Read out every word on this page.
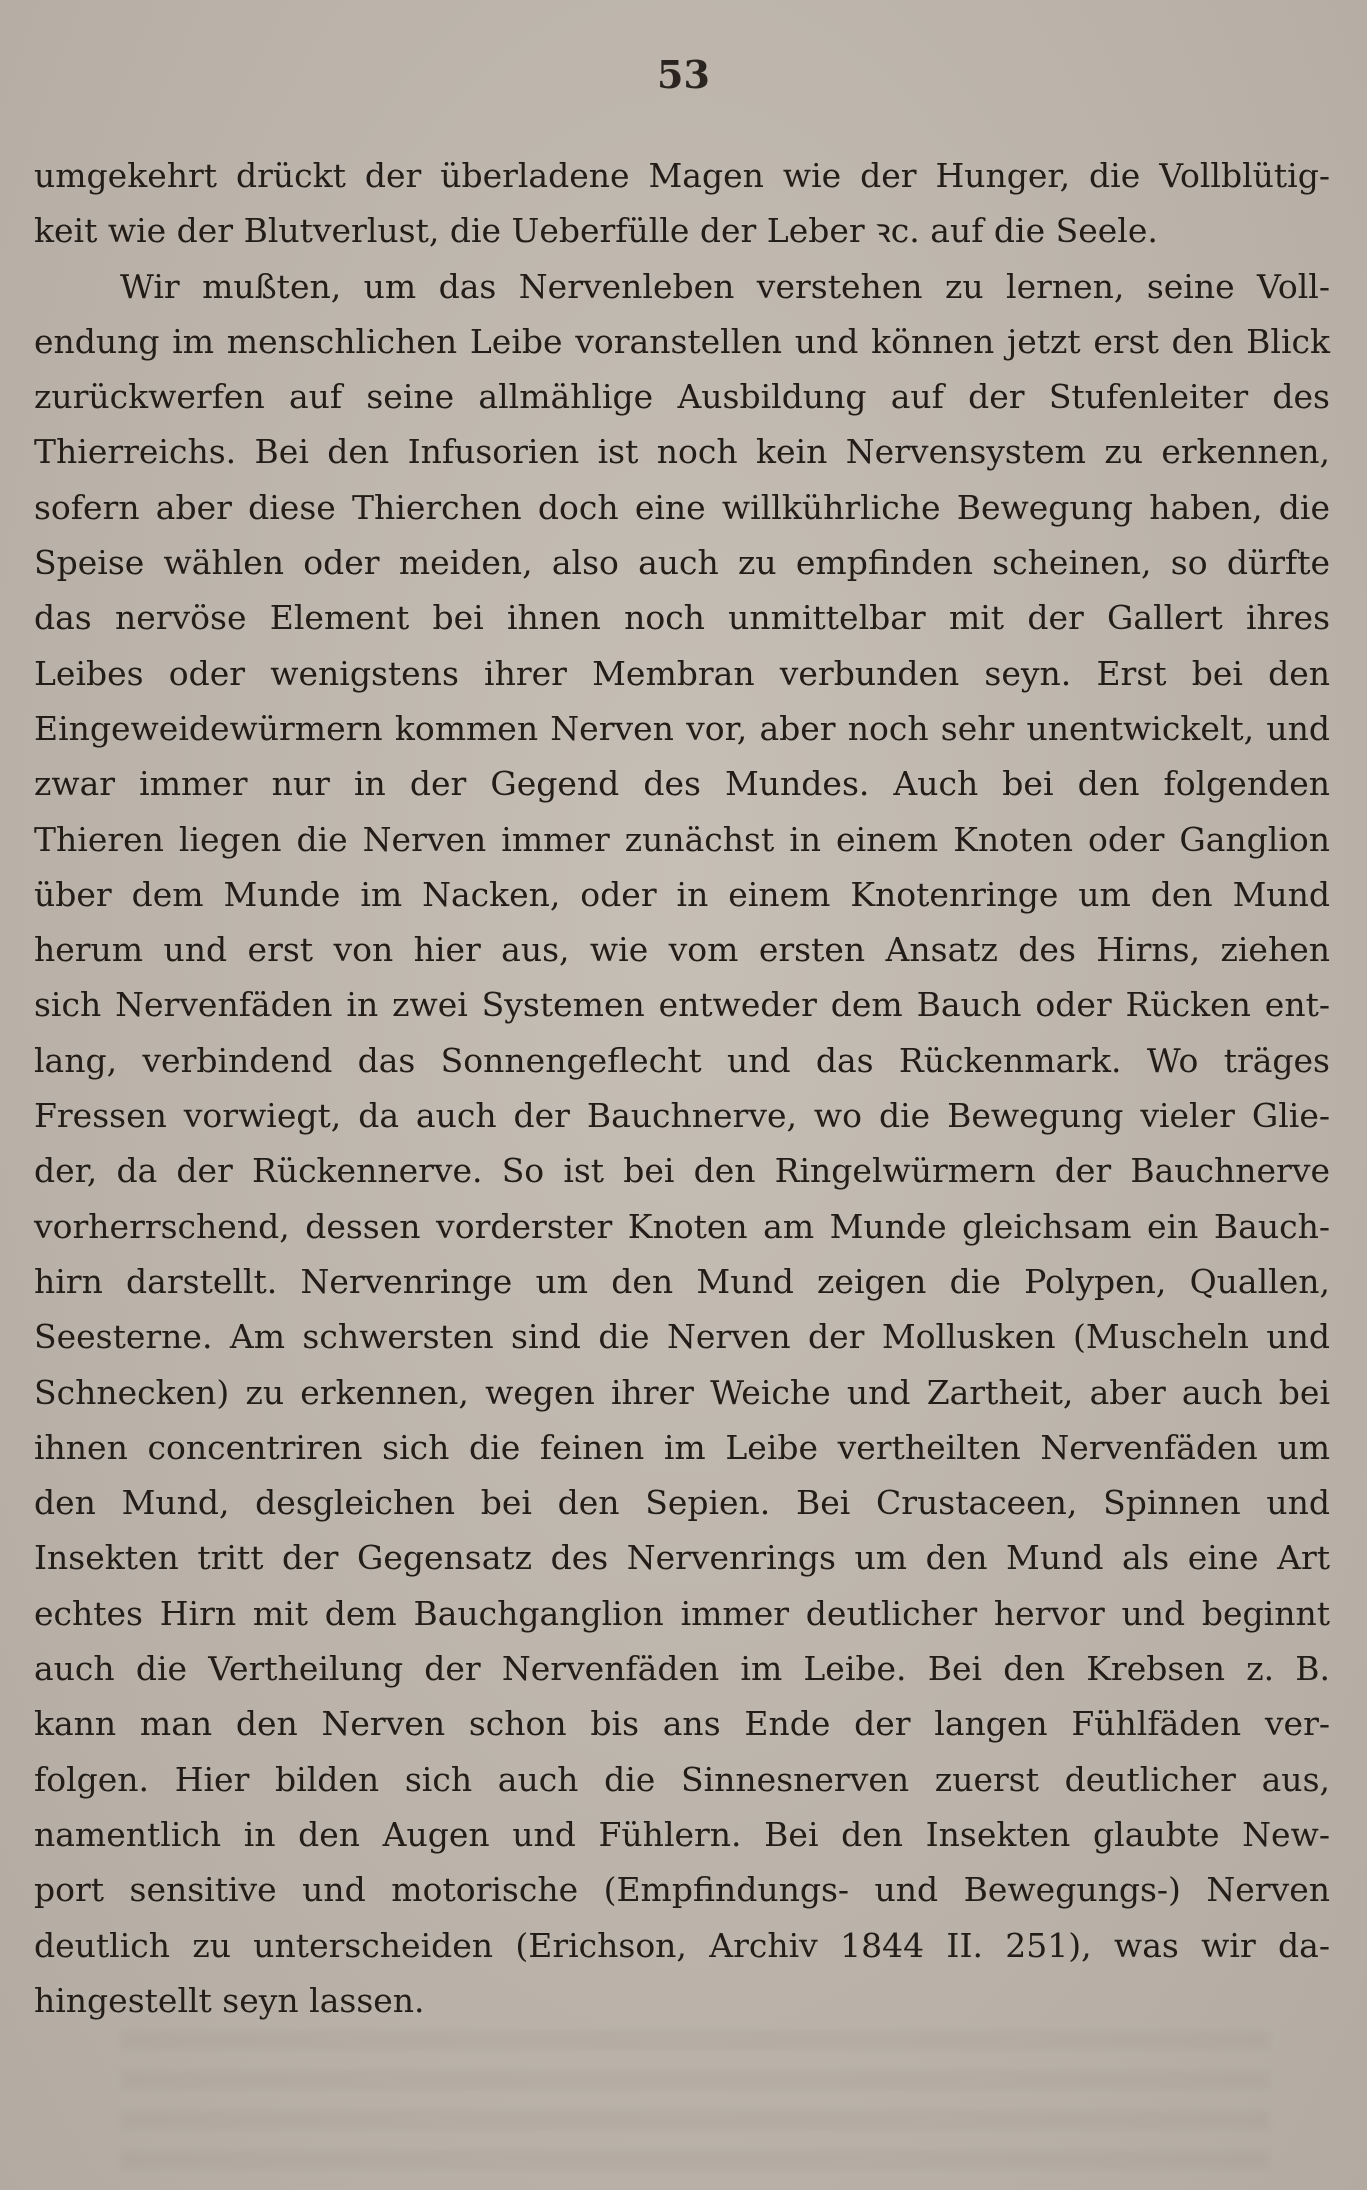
53
umgekehrt drückt der überladene Magen wie der Hunger, die Vollblütig-
keit wie der Blutverlust, die Ueberfülle der Leber ꝛc. auf die Seele.
Wir mußten, um das Nervenleben verstehen zu lernen, seine Voll-
endung im menschlichen Leibe voranstellen und können jetzt erst den Blick
zurückwerfen auf seine allmählige Ausbildung auf der Stufenleiter des
Thierreichs. Bei den Infusorien ist noch kein Nervensystem zu erkennen,
sofern aber diese Thierchen doch eine willkührliche Bewegung haben, die
Speise wählen oder meiden, also auch zu empfinden scheinen, so dürfte
das nervöse Element bei ihnen noch unmittelbar mit der Gallert ihres
Leibes oder wenigstens ihrer Membran verbunden seyn. Erst bei den
Eingeweidewürmern kommen Nerven vor, aber noch sehr unentwickelt, und
zwar immer nur in der Gegend des Mundes. Auch bei den folgenden
Thieren liegen die Nerven immer zunächst in einem Knoten oder Ganglion
über dem Munde im Nacken, oder in einem Knotenringe um den Mund
herum und erst von hier aus, wie vom ersten Ansatz des Hirns, ziehen
sich Nervenfäden in zwei Systemen entweder dem Bauch oder Rücken ent-
lang, verbindend das Sonnengeflecht und das Rückenmark. Wo träges
Fressen vorwiegt, da auch der Bauchnerve, wo die Bewegung vieler Glie-
der, da der Rückennerve. So ist bei den Ringelwürmern der Bauchnerve
vorherrschend, dessen vorderster Knoten am Munde gleichsam ein Bauch-
hirn darstellt. Nervenringe um den Mund zeigen die Polypen, Quallen,
Seesterne. Am schwersten sind die Nerven der Mollusken (Muscheln und
Schnecken) zu erkennen, wegen ihrer Weiche und Zartheit, aber auch bei
ihnen concentriren sich die feinen im Leibe vertheilten Nervenfäden um
den Mund, desgleichen bei den Sepien. Bei Crustaceen, Spinnen und
Insekten tritt der Gegensatz des Nervenrings um den Mund als eine Art
echtes Hirn mit dem Bauchganglion immer deutlicher hervor und beginnt
auch die Vertheilung der Nervenfäden im Leibe. Bei den Krebsen z. B.
kann man den Nerven schon bis ans Ende der langen Fühlfäden ver-
folgen. Hier bilden sich auch die Sinnesnerven zuerst deutlicher aus,
namentlich in den Augen und Fühlern. Bei den Insekten glaubte New-
port sensitive und motorische (Empfindungs- und Bewegungs-) Nerven
deutlich zu unterscheiden (Erichson, Archiv 1844 II. 251), was wir da-
hingestellt seyn lassen.
